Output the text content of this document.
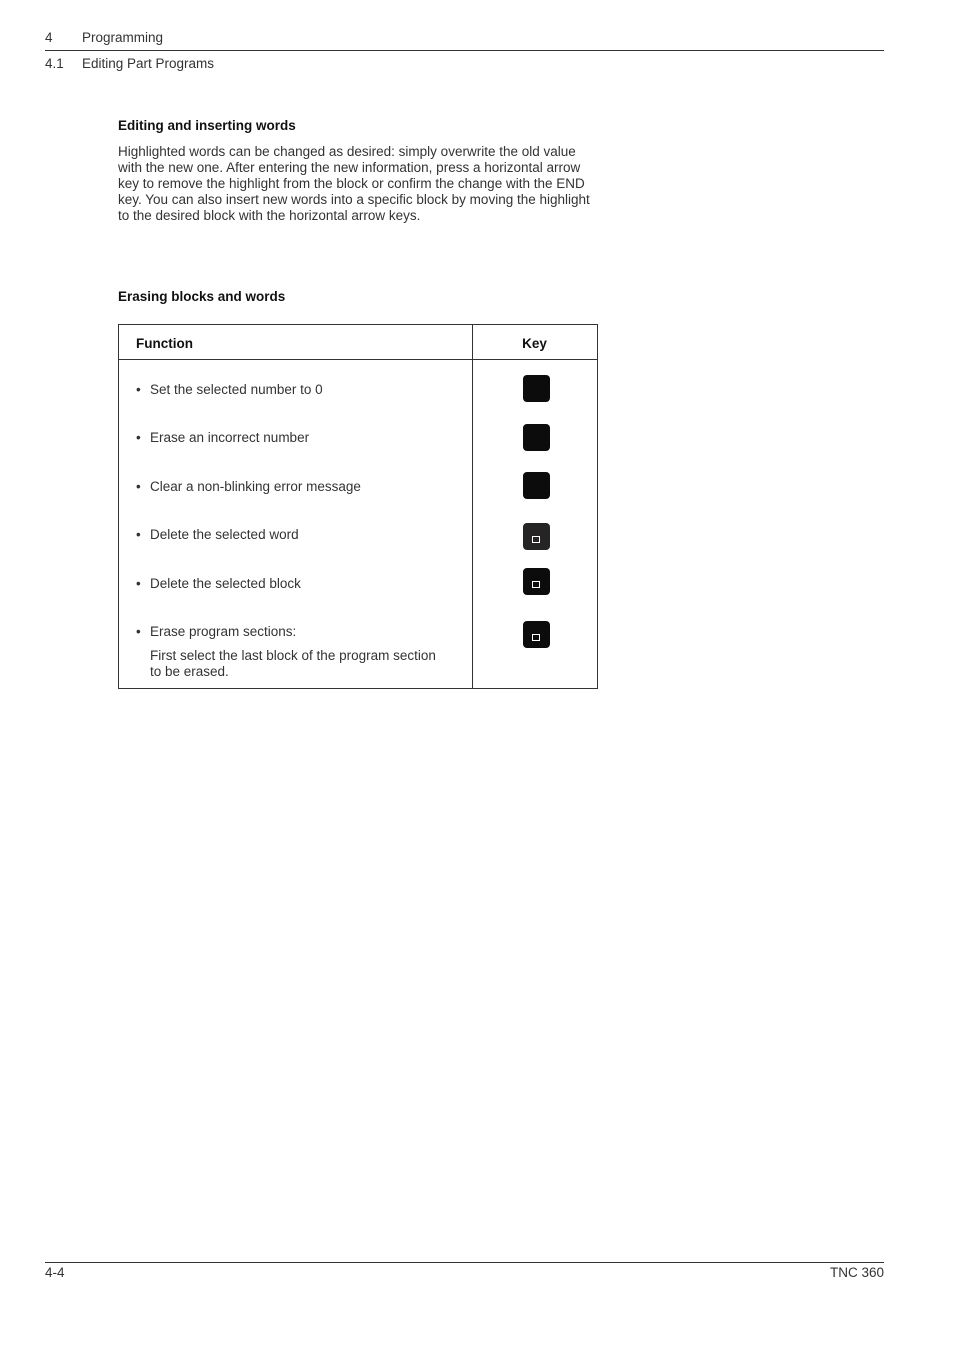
4 Programming
4.1 Editing Part Programs
Editing and inserting words

Highlighted words can be changed as desired: simply overwrite the old value with the new one. After entering the new information, press a horizontal arrow key to remove the highlight from the block or confirm the change with the END key. You can also insert new words into a specific block by moving the highlight to the desired block with the horizontal arrow keys.

Erasing blocks and words
Function	Key
• Set the selected number to 0
• Erase an incorrect number
• Clear a non-blinking error message
• Delete the selected word
• Delete the selected block
• Erase program sections:
First select the last block of the program section to be erased.
4-4	TNC 360
